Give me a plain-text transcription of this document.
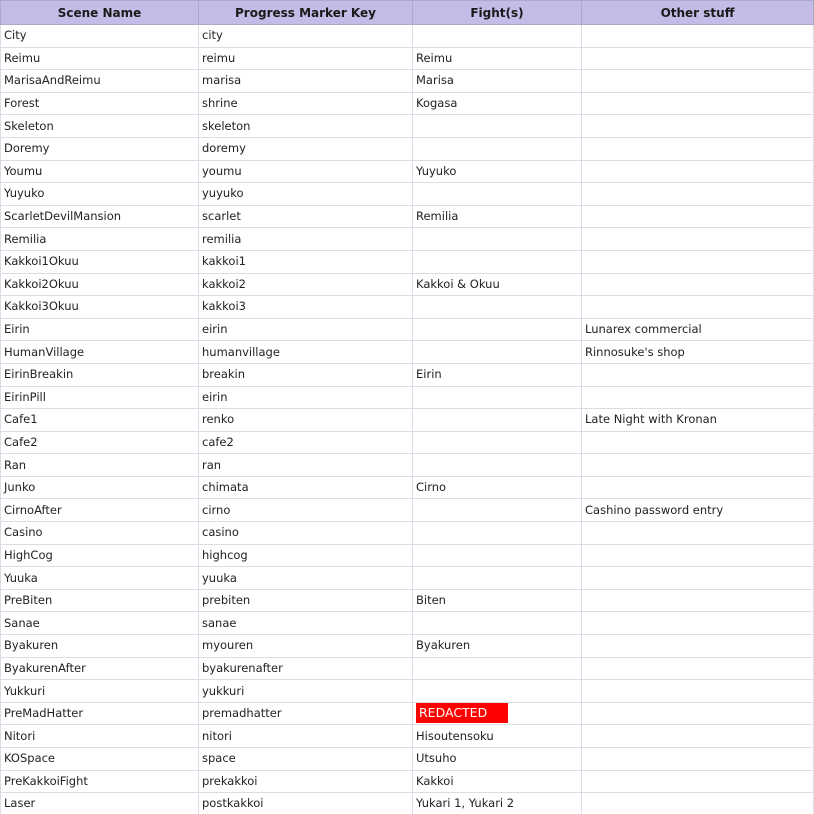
Scene Name	Progress Marker Key	Fight(s)	Other stuff
City	city		
Reimu	reimu	Reimu	
MarisaAndReimu	marisa	Marisa	
Forest	shrine	Kogasa	
Skeleton	skeleton		
Doremy	doremy		
Youmu	youmu	Yuyuko	
Yuyuko	yuyuko		
ScarletDevilMansion	scarlet	Remilia	
Remilia	remilia		
Kakkoi1Okuu	kakkoi1		
Kakkoi2Okuu	kakkoi2	Kakkoi & Okuu	
Kakkoi3Okuu	kakkoi3		
Eirin	eirin		Lunarex commercial
HumanVillage	humanvillage		Rinnosuke's shop
EirinBreakin	breakin	Eirin	
EirinPill	eirin		
Cafe1	renko		Late Night with Kronan
Cafe2	cafe2		
Ran	ran		
Junko	chimata	Cirno	
CirnoAfter	cirno		Cashino password entry
Casino	casino		
HighCog	highcog		
Yuuka	yuuka		
PreBiten	prebiten	Biten	
Sanae	sanae		
Byakuren	myouren	Byakuren	
ByakurenAfter	byakurenafter		
Yukkuri	yukkuri		
PreMadHatter	premadhatter	REDACTED	
Nitori	nitori	Hisoutensoku	
KOSpace	space	Utsuho	
PreKakkoiFight	prekakkoi	Kakkoi	
Laser	postkakkoi	Yukari 1, Yukari 2	
